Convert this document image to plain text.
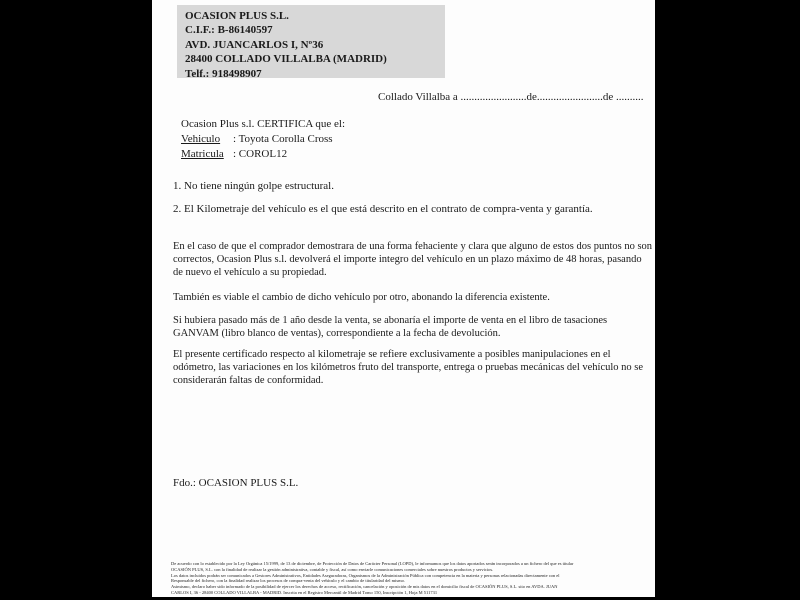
OCASION PLUS S.L.
C.I.F.: B-86140597
AVD. JUANCARLOS I, Nº36
28400 COLLADO VILLALBA (MADRID)
Telf.: 918498907
Collado Villalba a ........................de........................de ..........
Ocasion Plus s.l. CERTIFICA que el:
Vehiculo : Toyota Corolla Cross
Matricula : COROL12
1. No tiene ningún golpe estructural.
2. El Kilometraje del vehículo es el que está descrito en el contrato de compra-venta y garantía.
En el caso de que el comprador demostrara de una forma fehaciente y clara que alguno de estos dos puntos no son correctos, Ocasion Plus s.l. devolverá el importe integro del vehículo en un plazo máximo de 48 horas, pasando de nuevo el vehículo a su propiedad.
También es viable el cambio de dicho vehículo por otro, abonando la diferencia existente.
Si hubiera pasado más de 1 año desde la venta, se abonaría el importe de venta en el libro de tasaciones GANVAM (libro blanco de ventas), correspondiente a la fecha de devolución.
El presente certificado respecto al kilometraje se refiere exclusivamente a posibles manipulaciones en el odómetro, las variaciones en los kilómetros fruto del transporte, entrega o pruebas mecánicas del vehículo no se considerarán faltas de conformidad.
Fdo.: OCASION PLUS S.L.
De acuerdo con lo establecido por la Ley Orgánica 15/1999, de 13 de diciembre, de Protección de Datos de Carácter Personal (LOPD), le informamos que los datos aportados serán incorporados a un fichero del que es titular
OCASIÓN PLUS, S.L. con la finalidad de realizar la gestión administrativa, contable y fiscal, así como enviarle comunicaciones comerciales sobre nuestros productos y servicios.
Los datos incluidos podrán ser comunicados a Gestores Administrativos, Entidades Aseguradoras, Organismos de la Administración Pública con competencia en la materia y personas relacionadas directamente con el
Responsable del fichero, con la finalidad realizar los procesos de compra-venta del vehículo y el cambio de titularidad del mismo.
Asimismo, declaro haber sido informado de la posibilidad de ejercer los derechos de acceso, rectificación, cancelación y oposición de mis datos en el domicilio fiscal de OCASIÓN PLUS, S.L. sito en AVDA. JUAN
CARLOS I, 36 - 28400 COLLADO VILLALBA - MADRID. Inscrita en el Registro Mercantil de Madrid Tomo 150, Inscripción 1, Hoja M 511731
